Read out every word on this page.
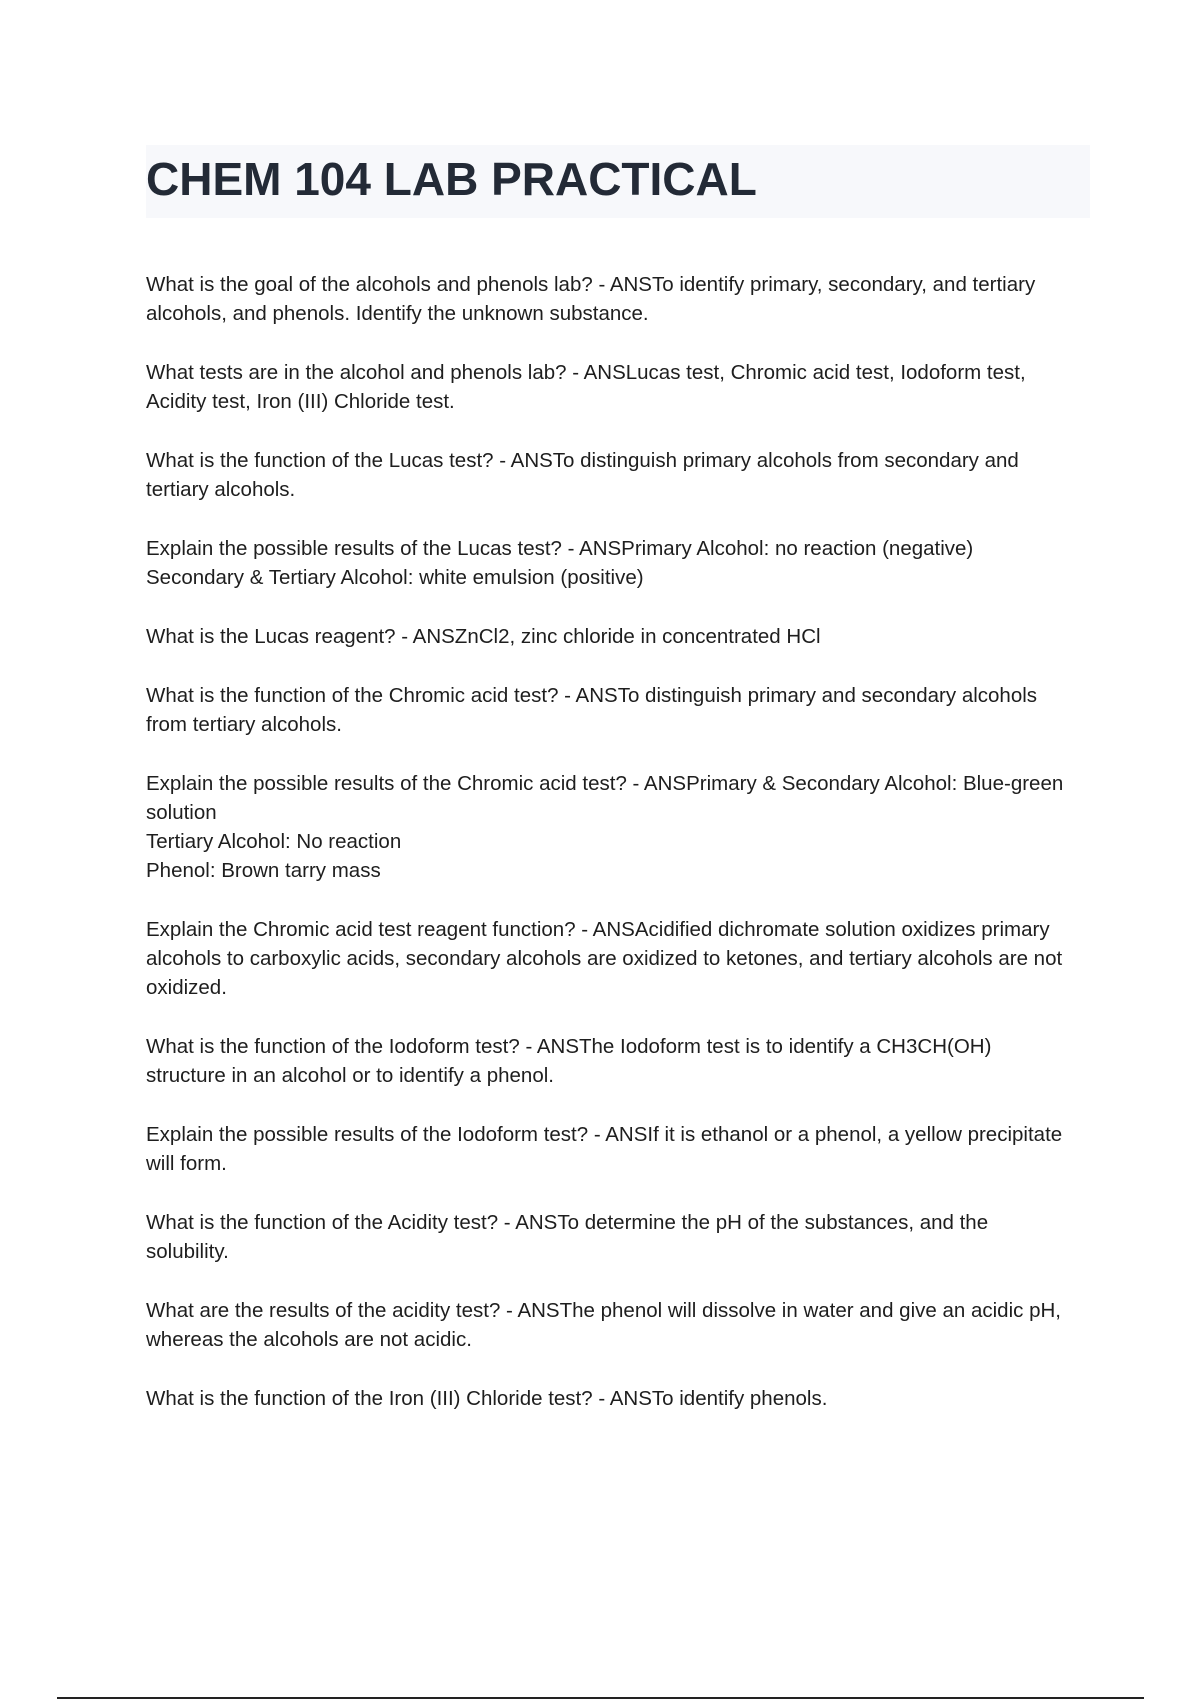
CHEM 104 LAB PRACTICAL

What is the goal of the alcohols and phenols lab? - ANSTo identify primary, secondary, and tertiary alcohols, and phenols. Identify the unknown substance.

What tests are in the alcohol and phenols lab? - ANSLucas test, Chromic acid test, Iodoform test, Acidity test, Iron (III) Chloride test.

What is the function of the Lucas test? - ANSTo distinguish primary alcohols from secondary and tertiary alcohols.

Explain the possible results of the Lucas test? - ANSPrimary Alcohol: no reaction (negative)
Secondary & Tertiary Alcohol: white emulsion (positive)

What is the Lucas reagent? - ANSZnCl2, zinc chloride in concentrated HCl

What is the function of the Chromic acid test? - ANSTo distinguish primary and secondary alcohols from tertiary alcohols.

Explain the possible results of the Chromic acid test? - ANSPrimary & Secondary Alcohol: Blue-green solution
Tertiary Alcohol: No reaction
Phenol: Brown tarry mass

Explain the Chromic acid test reagent function? - ANSAcidified dichromate solution oxidizes primary alcohols to carboxylic acids, secondary alcohols are oxidized to ketones, and tertiary alcohols are not oxidized.

What is the function of the Iodoform test? - ANSThe Iodoform test is to identify a CH3CH(OH) structure in an alcohol or to identify a phenol.

Explain the possible results of the Iodoform test? - ANSIf it is ethanol or a phenol, a yellow precipitate will form.

What is the function of the Acidity test? - ANSTo determine the pH of the substances, and the solubility.

What are the results of the acidity test? - ANSThe phenol will dissolve in water and give an acidic pH, whereas the alcohols are not acidic.

What is the function of the Iron (III) Chloride test? - ANSTo identify phenols.
